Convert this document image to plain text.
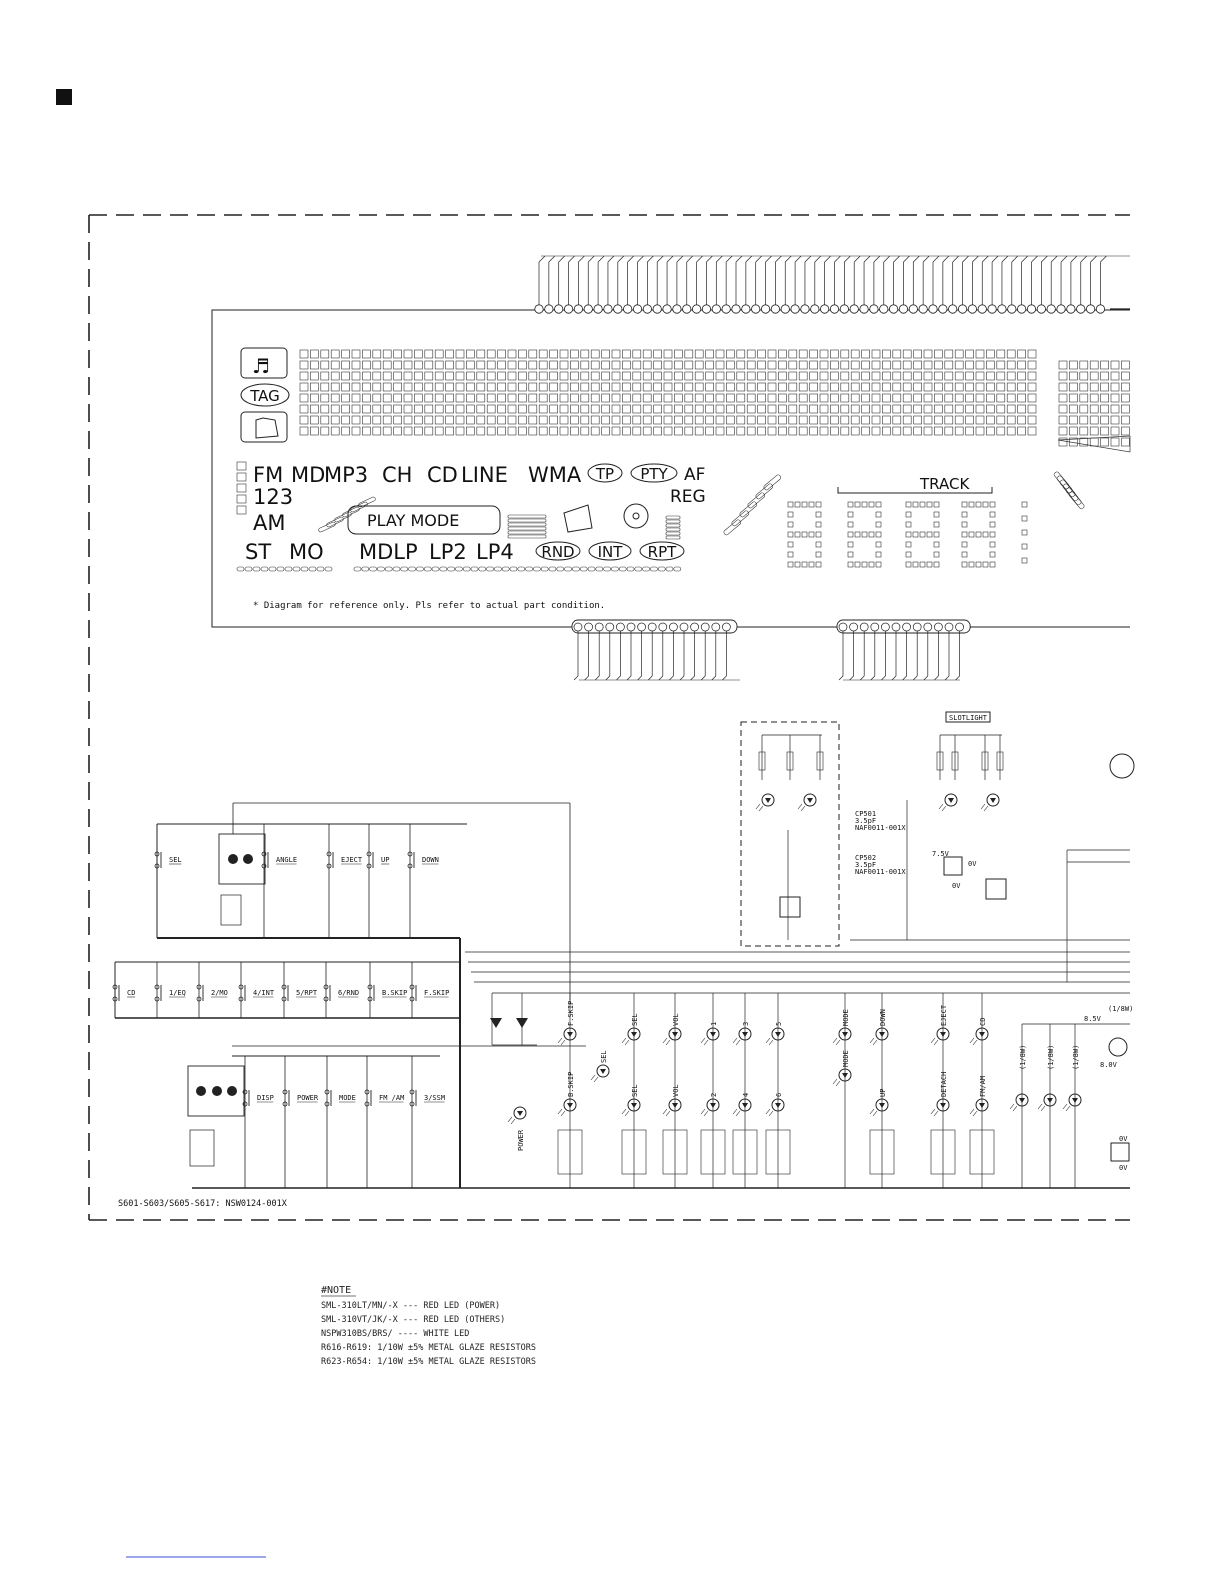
♬
TAG
FM MD
MP3 CH CD LINE WMA TP PTY AF
123	REG
AM	PLAY MODE
ST MO MDLP LP2 LP4 RND INT RPT
TRACK
* Diagram for reference only. Pls refer to actual part condition.
SEL	ANGLE	EJECT	UP	DOWN
CD	1/EQ	2/MO	4/INT	5/RPT	6/RND	B.SKIP F.SKIP
DISP	POWER	MODE	FM /AM	3/SSM
F.SKIP	SEL	VOL	1	3	5	MODE	DOWN	EJECT	CD
B.SKIP	SEL	VOL	2	4	6	UP	DETACH	FM/AM
SEL	MODE
POWER
(1/8W)	(1/8W) (1/8W)
SLOTLIGHT
CP501
3.5pF
NAF0011-001X
CP502
3.5pF
NAF0011-001X
7.5V
0V
0V
8.5V
8.0V
0V
0V
(1/8W)
S601-S603/S605-S617: NSW0124-001X
#NOTE
SML-310LT/MN/-X --- RED LED (POWER)
SML-310VT/JK/-X --- RED LED (OTHERS)
NSPW310BS/BRS/ ---- WHITE LED
R616-R619: 1/10W ±5% METAL GLAZE RESISTORS
R623-R654: 1/10W ±5% METAL GLAZE RESISTORS
